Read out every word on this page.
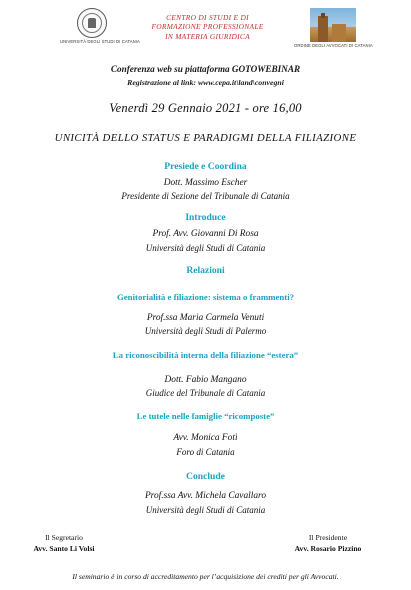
UNIVERSITÀ DEGLI STUDI DI CATANIA
CENTRO DI STUDI E DI
FORMAZIONE PROFESSIONALE
IN MATERIA GIURIDICA
ORDINE DEGLI AVVOCATI DI CATANIA
Conferenza web su piattaforma GOTOWEBINAR
Registrazione al link: www.cepa.it\land\convegni
Venerdì 29 Gennaio 2021 - ore 16,00
UNICITÀ DELLO STATUS E PARADIGMI DELLA FILIAZIONE
Presiede e Coordina
Dott. Massimo Escher
Presidente di Sezione del Tribunale di Catania
Introduce
Prof. Avv. Giovanni Di Rosa
Università degli Studi di Catania
Relazioni
Genitorialità e filiazione: sistema o frammenti?
Prof.ssa Maria Carmela Venuti
Università degli Studi di Palermo
La riconoscibilità interna della filiazione “estera”
Dott. Fabio Mangano
Giudice del Tribunale di Catania
Le tutele nelle famiglie “ricomposte”
Avv. Monica Fotì
Foro di Catania
Conclude
Prof.ssa Avv. Michela Cavallaro
Università degli Studi di Catania
Il Segretario
Avv. Santo Li Volsi
Il Presidente
Avv. Rosario Pizzino
Il seminario è in corso di accreditamento per l’acquisizione dei crediti per gli Avvocati.
